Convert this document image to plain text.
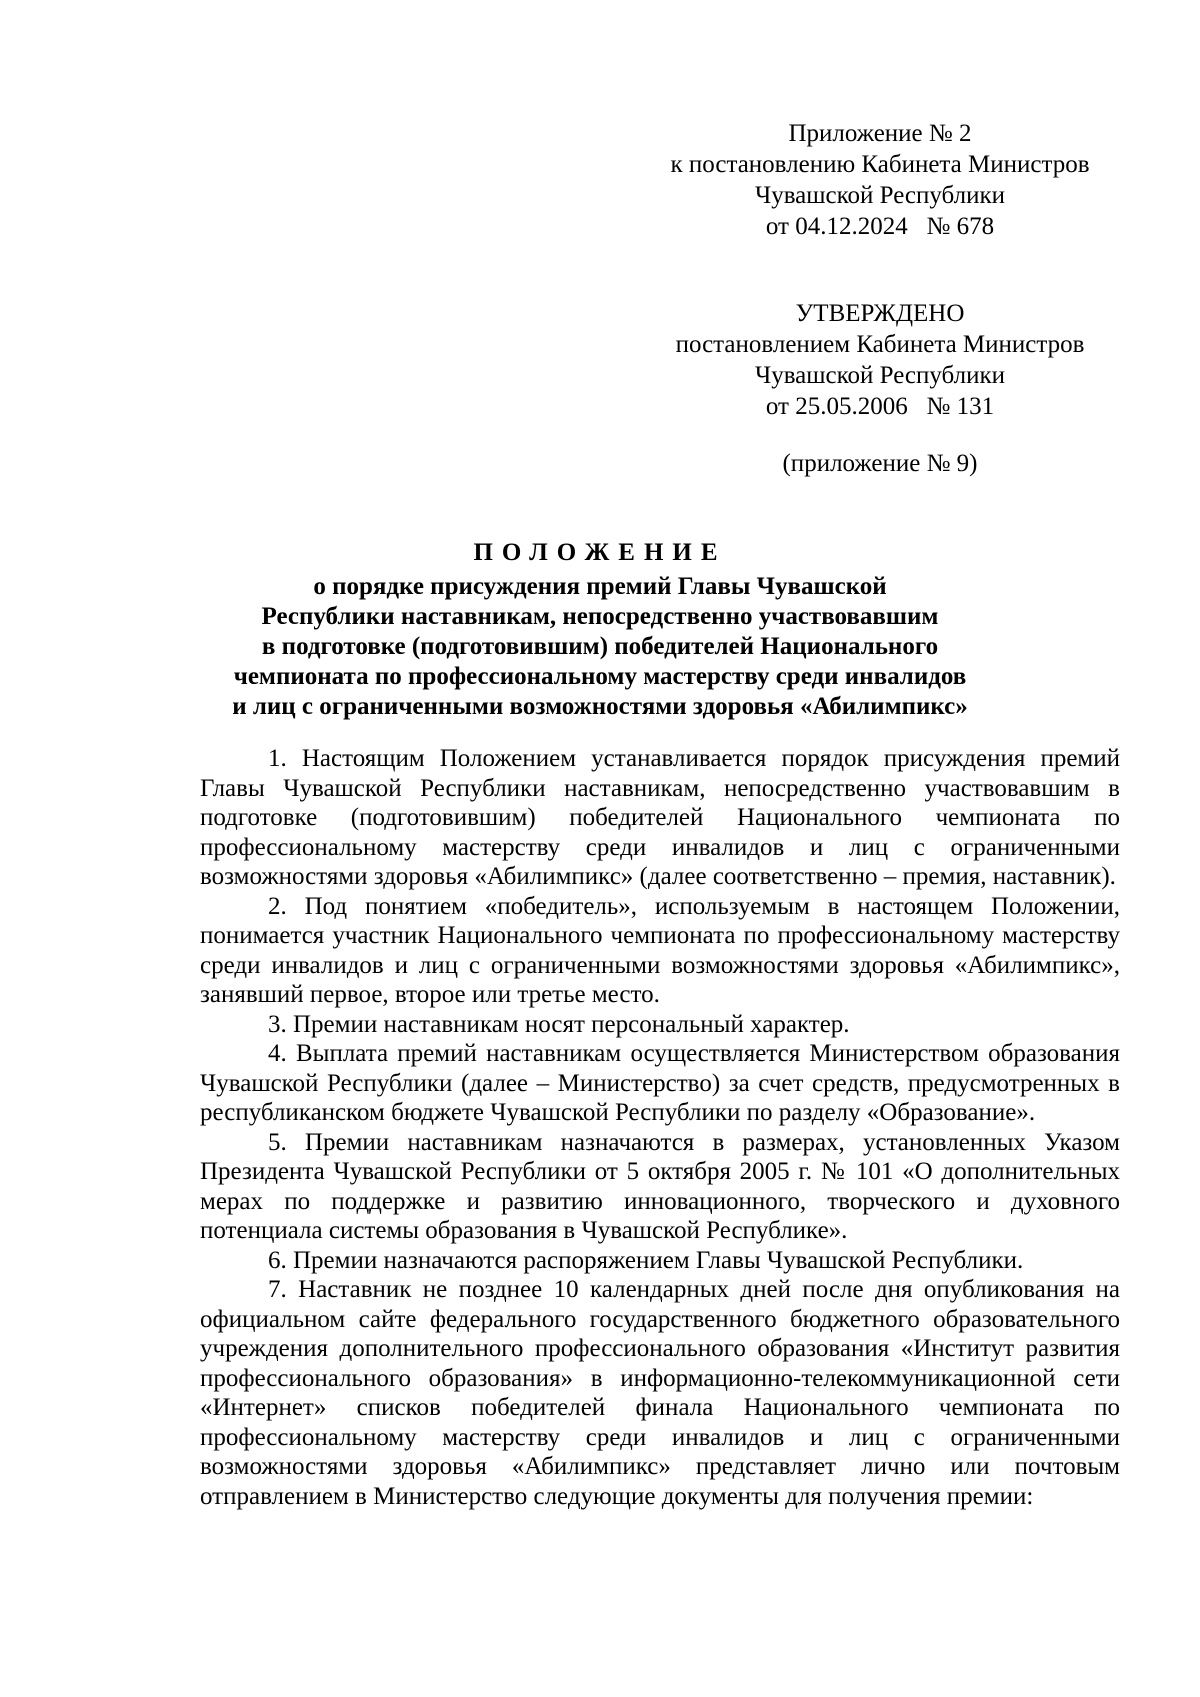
Приложение № 2
к постановлению Кабинета Министров
Чувашской Республики
от 04.12.2024   № 678
УТВЕРЖДЕНО
постановлением Кабинета Министров
Чувашской Республики
от 25.05.2006   № 131
(приложение № 9)
ПОЛОЖЕНИЕ
о порядке присуждения премий Главы Чувашской
Республики наставникам, непосредственно участвовавшим
в подготовке (подготовившим) победителей Национального
чемпионата по профессиональному мастерству среди инвалидов
и лиц с ограниченными возможностями здоровья «Абилимпикс»

1. Настоящим Положением устанавливается порядок присуждения премий Главы Чувашской Республики наставникам, непосредственно участвовавшим в подготовке (подготовившим) победителей Национального чемпионата по профессиональному мастерству среди инвалидов и лиц с ограниченными возможностями здоровья «Абилимпикс» (далее соответственно – премия, наставник).

2. Под понятием «победитель», используемым в настоящем Положении, понимается участник Национального чемпионата по профессиональному мастерству среди инвалидов и лиц с ограниченными возможностями здоровья «Абилимпикс», занявший первое, второе или третье место.

3. Премии наставникам носят персональный характер.

4. Выплата премий наставникам осуществляется Министерством образования Чувашской Республики (далее – Министерство) за счет средств, предусмотренных в республиканском бюджете Чувашской Республики по разделу «Образование».

5. Премии наставникам назначаются в размерах, установленных Указом Президента Чувашской Республики от 5 октября 2005 г. № 101 «О дополнительных мерах по поддержке и развитию инновационного, творческого и духовного потенциала системы образования в Чувашской Республике».

6. Премии назначаются распоряжением Главы Чувашской Республики.

7. Наставник не позднее 10 календарных дней после дня опубликования на официальном сайте федерального государственного бюджетного образовательного учреждения дополнительного профессионального образования «Институт развития профессионального образования» в информационно-телекоммуникационной сети «Интернет» списков победителей финала Национального чемпионата по профессиональному мастерству среди инвалидов и лиц с ограниченными возможностями здоровья «Абилимпикс» представляет лично или почтовым отправлением в Министерство следующие документы для получения премии:
